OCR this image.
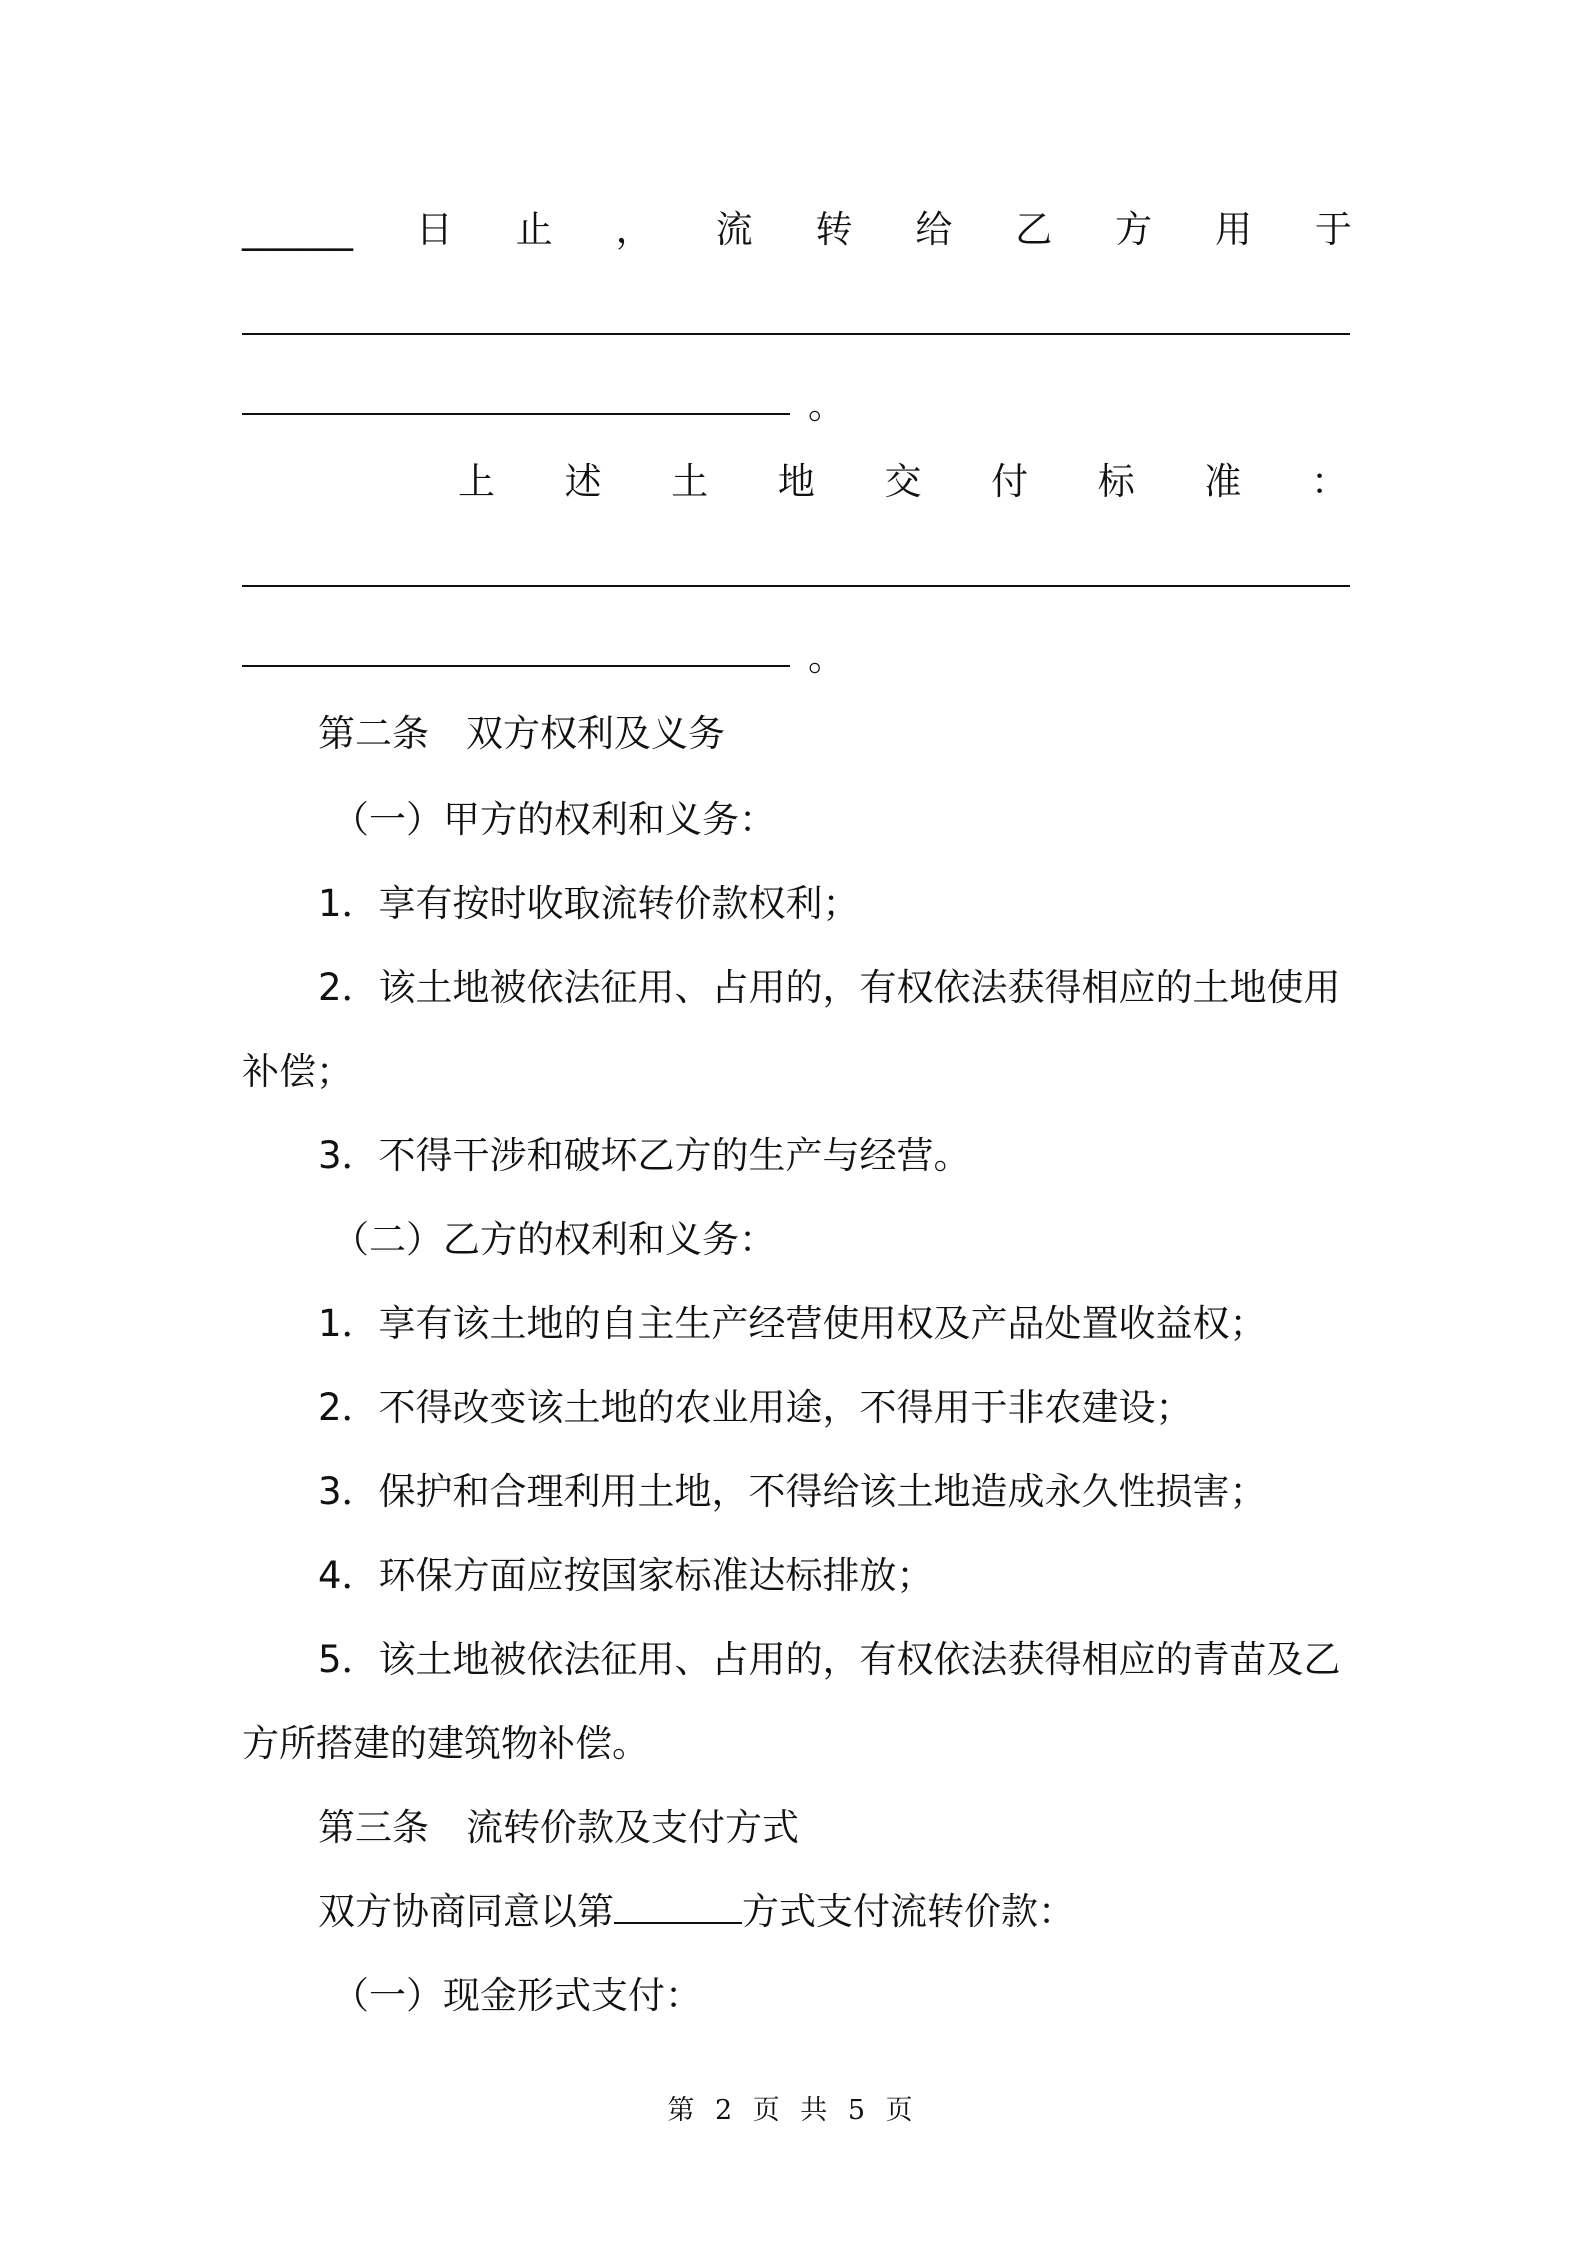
______ 日 止 ， 流 转 给 乙 方 用 于
。
上 述 土 地 交 付 标 准 ：
。
第二条　双方权利及义务
（一）甲方的权利和义务：
1．享有按时收取流转价款权利；
2．该土地被依法征用、占用的，有权依法获得相应的土地使用
补偿；
3．不得干涉和破坏乙方的生产与经营。
（二）乙方的权利和义务：
1．享有该土地的自主生产经营使用权及产品处置收益权；
2．不得改变该土地的农业用途，不得用于非农建设；
3．保护和合理利用土地，不得给该土地造成永久性损害；
4．环保方面应按国家标准达标排放；
5．该土地被依法征用、占用的，有权依法获得相应的青苗及乙
方所搭建的建筑物补偿。
第三条　流转价款及支付方式
双方协商同意以第	方式支付流转价款：
（一）现金形式支付：
第 2 页 共 5 页
